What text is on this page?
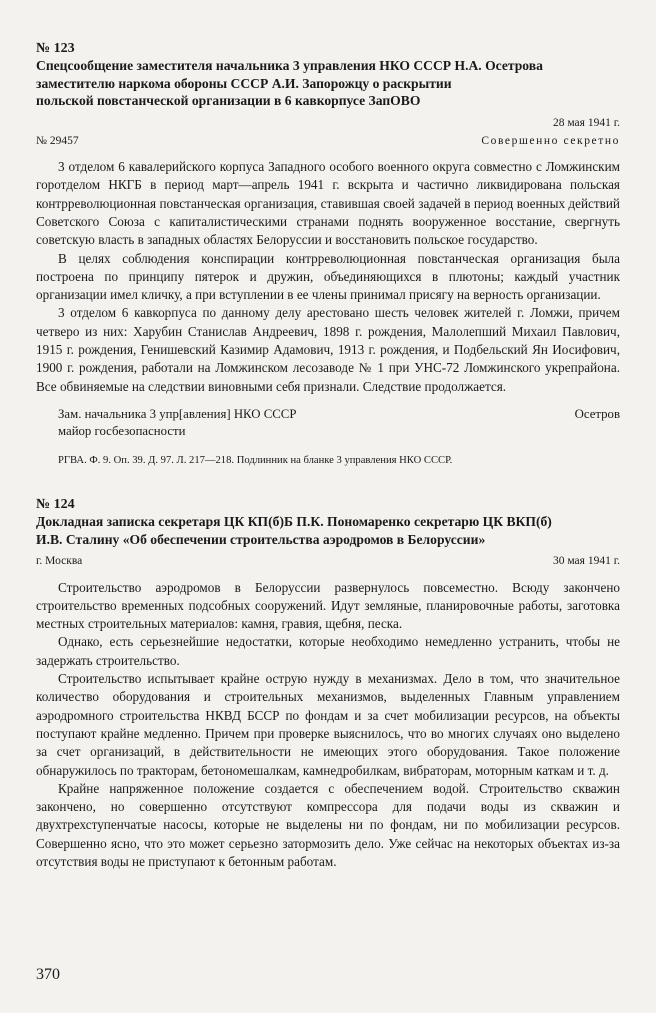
№ 123

Спецсообщение заместителя начальника 3 управления НКО СССР Н.А. Осетрова
заместителю наркома обороны СССР А.И. Запорожцу о раскрытии
польской повстанческой организации в 6 кавкорпусе ЗапОВО

28 мая 1941 г.
№ 29457	Совершенно секретно

3 отделом 6 кавалерийского корпуса Западного особого военного округа совместно с Ломжинским горотделом НКГБ в период март—апрель 1941 г. вскрыта и частично ликвидирована польская контрреволюционная повстанческая организация, ставившая своей задачей в период военных действий Советского Союза с капиталистическими странами поднять вооруженное восстание, свергнуть советскую власть в западных областях Белоруссии и восстановить польское государство.

В целях соблюдения конспирации контрреволюционная повстанческая организация была построена по принципу пятерок и дружин, объединяющихся в плютоны; каждый участник организации имел кличку, а при вступлении в ее члены принимал присягу на верность организации.

3 отделом 6 кавкорпуса по данному делу арестовано шесть человек жителей г. Ломжи, причем четверо из них: Харубин Станислав Андреевич, 1898 г. рождения, Малолепший Михаил Павлович, 1915 г. рождения, Генишевский Казимир Адамович, 1913 г. рождения, и Подбельский Ян Иосифович, 1900 г. рождения, работали на Ломжинском лесозаводе № 1 при УНС-72 Ломжинского укрепрайона. Все обвиняемые на следствии виновными себя признали. Следствие продолжается.

Зам. начальника 3 упр[авления] НКО СССР
майор госбезопасности
Осетров
РГВА. Ф. 9. Оп. 39. Д. 97. Л. 217—218. Подлинник на бланке 3 управления НКО СССР.
№ 124

Докладная записка секретаря ЦК КП(б)Б П.К. Пономаренко секретарю ЦК ВКП(б)
И.В. Сталину «Об обеспечении строительства аэродромов в Белоруссии»

г. Москва	30 мая 1941 г.

Строительство аэродромов в Белоруссии развернулось повсеместно. Всюду закончено строительство временных подсобных сооружений. Идут земляные, планировочные работы, заготовка местных строительных материалов: камня, гравия, щебня, песка.

Однако, есть серьезнейшие недостатки, которые необходимо немедленно устранить, чтобы не задержать строительство.

Строительство испытывает крайне острую нужду в механизмах. Дело в том, что значительное количество оборудования и строительных механизмов, выделенных Главным управлением аэродромного строительства НКВД БССР по фондам и за счет мобилизации ресурсов, на объекты поступают крайне медленно. Причем при проверке выяснилось, что во многих случаях оно выделено за счет организаций, в действительности не имеющих этого оборудования. Такое положение обнаружилось по тракторам, бетономешалкам, камнедробилкам, вибраторам, моторным каткам и т. д.

Крайне напряженное положение создается с обеспечением водой. Строительство скважин закончено, но совершенно отсутствуют компрессора для подачи воды из скважин и двухтрехступенчатые насосы, которые не выделены ни по фондам, ни по мобилизации ресурсов. Совершенно ясно, что это может серьезно затормозить дело. Уже сейчас на некоторых объектах из-за отсутствия воды не приступают к бетонным работам.

370
